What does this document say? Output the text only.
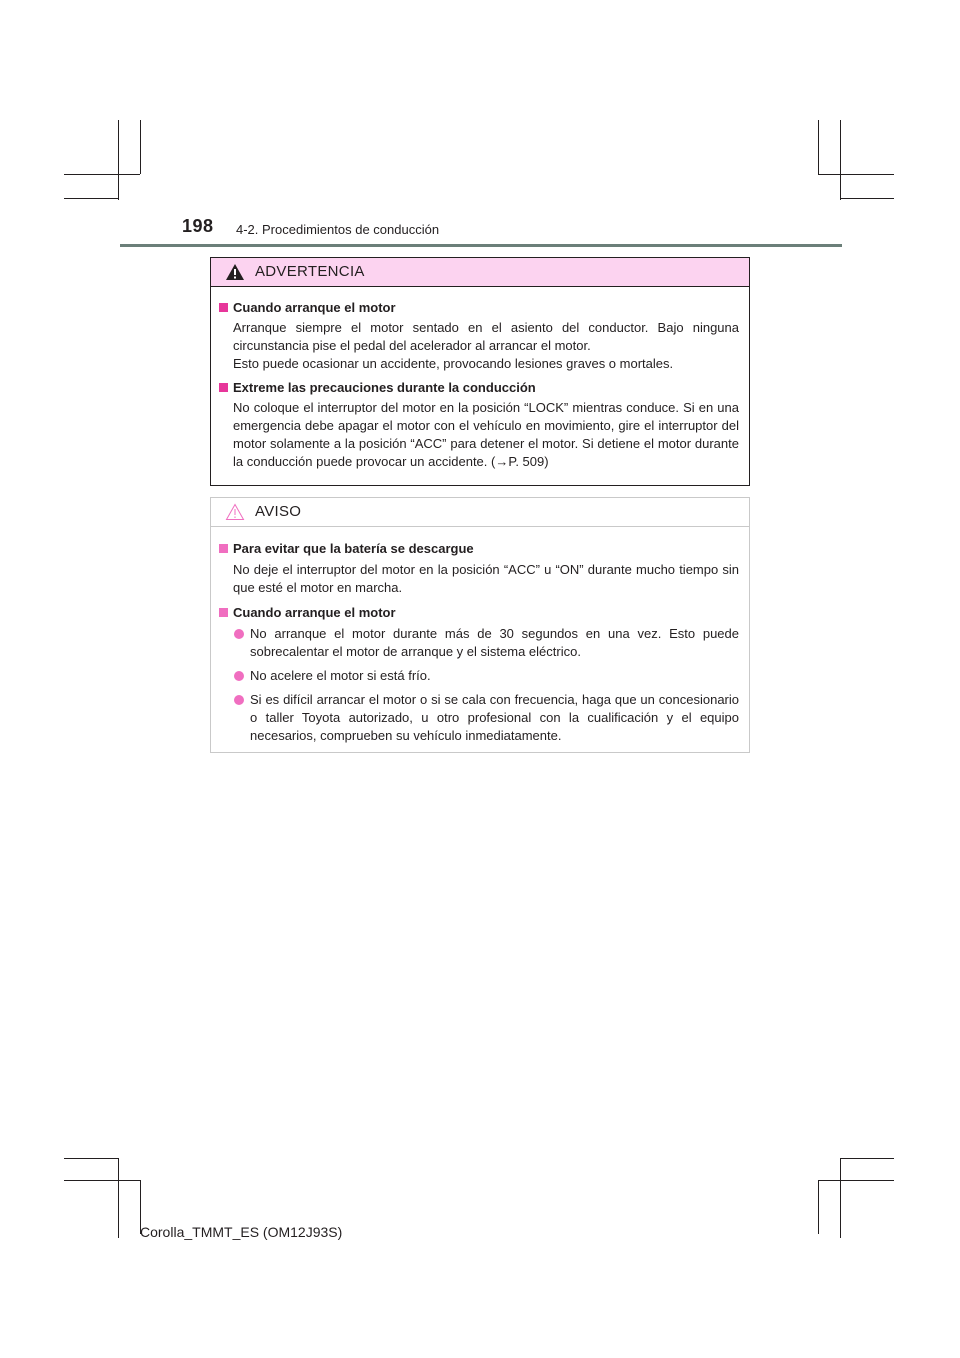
198 4-2. Procedimientos de conducción
ADVERTENCIA
Cuando arranque el motor
Arranque siempre el motor sentado en el asiento del conductor. Bajo ninguna circunstancia pise el pedal del acelerador al arrancar el motor.
Esto puede ocasionar un accidente, provocando lesiones graves o mortales.
Extreme las precauciones durante la conducción
No coloque el interruptor del motor en la posición “LOCK” mientras conduce. Si en una emergencia debe apagar el motor con el vehículo en movimiento, gire el interruptor del motor solamente a la posición “ACC” para detener el motor. Si detiene el motor durante la conducción puede provocar un accidente. (→P. 509)
AVISO
Para evitar que la batería se descargue
No deje el interruptor del motor en la posición “ACC” u “ON” durante mucho tiempo sin que esté el motor en marcha.
Cuando arranque el motor
No arranque el motor durante más de 30 segundos en una vez. Esto puede sobrecalentar el motor de arranque y el sistema eléctrico.
No acelere el motor si está frío.
Si es difícil arrancar el motor o si se cala con frecuencia, haga que un concesionario o taller Toyota autorizado, u otro profesional con la cualificación y el equipo necesarios, comprueben su vehículo inmediatamente.
Corolla_TMMT_ES (OM12J93S)
